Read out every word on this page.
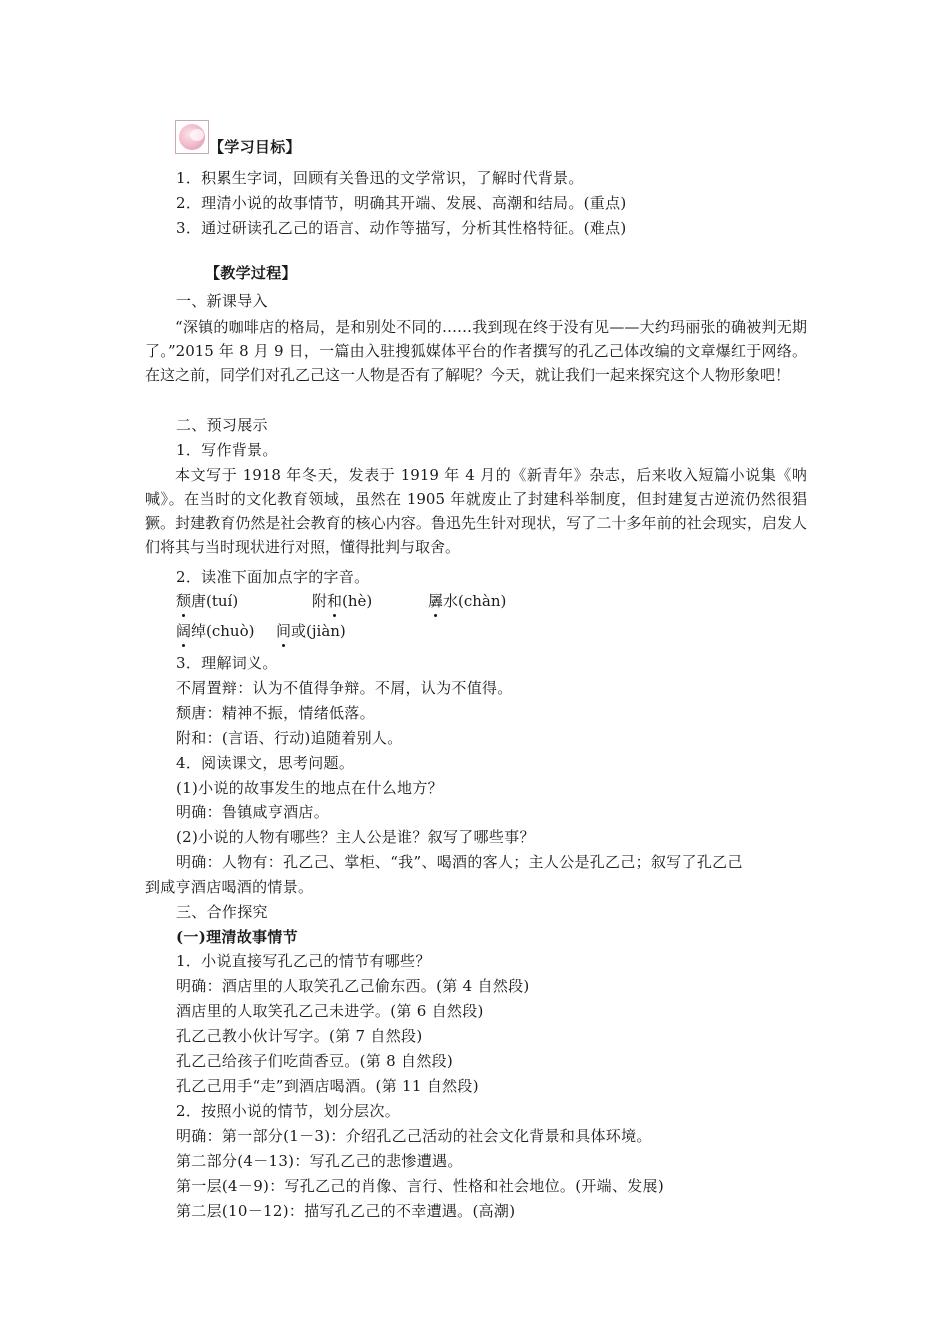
【学习目标】
1．积累生字词，回顾有关鲁迅的文学常识，了解时代背景。
2．理清小说的故事情节，明确其开端、发展、高潮和结局。(重点)
3．通过研读孔乙己的语言、动作等描写，分析其性格特征。(难点)
【教学过程】
一、新课导入
“深镇的咖啡店的格局，是和别处不同的……我到现在终于没有见——大约玛丽张的确被判无期了。”2015 年 8 月 9 日，一篇由入驻搜狐媒体平台的作者撰写的孔乙己体改编的文章爆红于网络。在这之前，同学们对孔乙己这一人物是否有了解呢？今天，就让我们一起来探究这个人物形象吧！
二、预习展示
1．写作背景。
本文写于 1918 年冬天，发表于 1919 年 4 月的《新青年》杂志，后来收入短篇小说集《呐喊》。在当时的文化教育领域，虽然在 1905 年就废止了封建科举制度，但封建复古逆流仍然很猖獗。封建教育仍然是社会教育的核心内容。鲁迅先生针对现状，写了二十多年前的社会现实，启发人们将其与当时现状进行对照，懂得批判与取舍。
2．读准下面加点字的字音。
颓唐(tuí)	附和(hè)	羼水(chàn)
阔绰(chuò) 间或(jiàn)
3．理解词义。
不屑置辩：认为不值得争辩。不屑，认为不值得。
颓唐：精神不振，情绪低落。
附和：(言语、行动)追随着别人。
4．阅读课文，思考问题。
(1)小说的故事发生的地点在什么地方？
明确：鲁镇咸亨酒店。
(2)小说的人物有哪些？主人公是谁？叙写了哪些事？
明确：人物有：孔乙己、掌柜、“我”、喝酒的客人；主人公是孔乙己；叙写了孔乙己
到咸亨酒店喝酒的情景。
三、合作探究
(一)理清故事情节
1．小说直接写孔乙己的情节有哪些？
明确：酒店里的人取笑孔乙己偷东西。(第 4 自然段)
酒店里的人取笑孔乙己未进学。(第 6 自然段)
孔乙己教小伙计写字。(第 7 自然段)
孔乙己给孩子们吃茴香豆。(第 8 自然段)
孔乙己用手“走”到酒店喝酒。(第 11 自然段)
2．按照小说的情节，划分层次。
明确：第一部分(1－3)：介绍孔乙己活动的社会文化背景和具体环境。
第二部分(4－13)：写孔乙己的悲惨遭遇。
第一层(4－9)：写孔乙己的肖像、言行、性格和社会地位。(开端、发展)
第二层(10－12)：描写孔乙己的不幸遭遇。(高潮)
